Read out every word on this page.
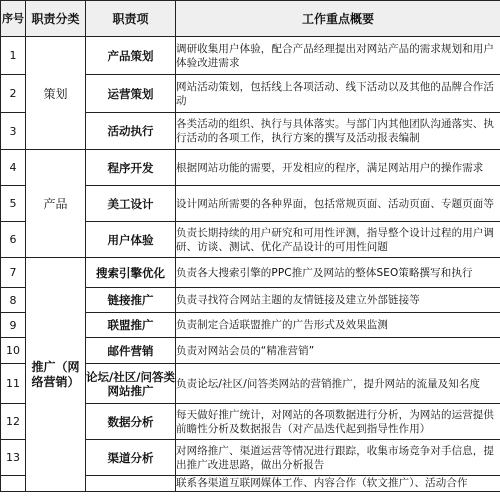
序号	职责分类	职责项	工作重点概要
1	策划	产品策划	调研收集用户体验，配合产品经理提出对网站产品的需求规划和用户体验改进需求
2		运营策划	网站活动策划，包括线上各项活动、线下活动以及其他的品牌合作活动
3		活动执行	各类活动的组织、执行与具体落实。与部门内其他团队沟通落实、执行活动的各项工作，执行方案的撰写及活动报表编制
4	产品	程序开发	根据网站功能的需要，开发相应的程序，满足网站用户的操作需求
5		美工设计	设计网站所需要的各种界面，包括常规页面、活动页面、专题页面等
6		用户体验	负责长期持续的用户研究和可用性评测，指导整个设计过程的用户调研、访谈、测试、优化产品设计的可用性问题
7	推广（网络营销）	搜索引擎优化	负责各大搜索引擎的PPC推广及网站的整体SEO策略撰写和执行
8		链接推广	负责寻找符合网站主题的友情链接及建立外部链接等
9		联盟推广	负责制定合适联盟推广的广告形式及效果监测
10		邮件营销	负责对网站会员的“精准营销”
11		论坛/社区/问答类网站推广	负责论坛/社区/问答类网站的营销推广，提升网站的流量及知名度
12		数据分析	每天做好推广统计，对网站的各项数据进行分析，为网站的运营提供前瞻性分析及数据报告（对产品迭代起到指导性作用）
13		渠道分析	对网络推广、渠道运营等情况进行跟踪，收集市场竞争对手信息，提出推广改进思路，做出分析报告
			联系各渠道互联网媒体工作、内容合作（软文推广）、活动合作
